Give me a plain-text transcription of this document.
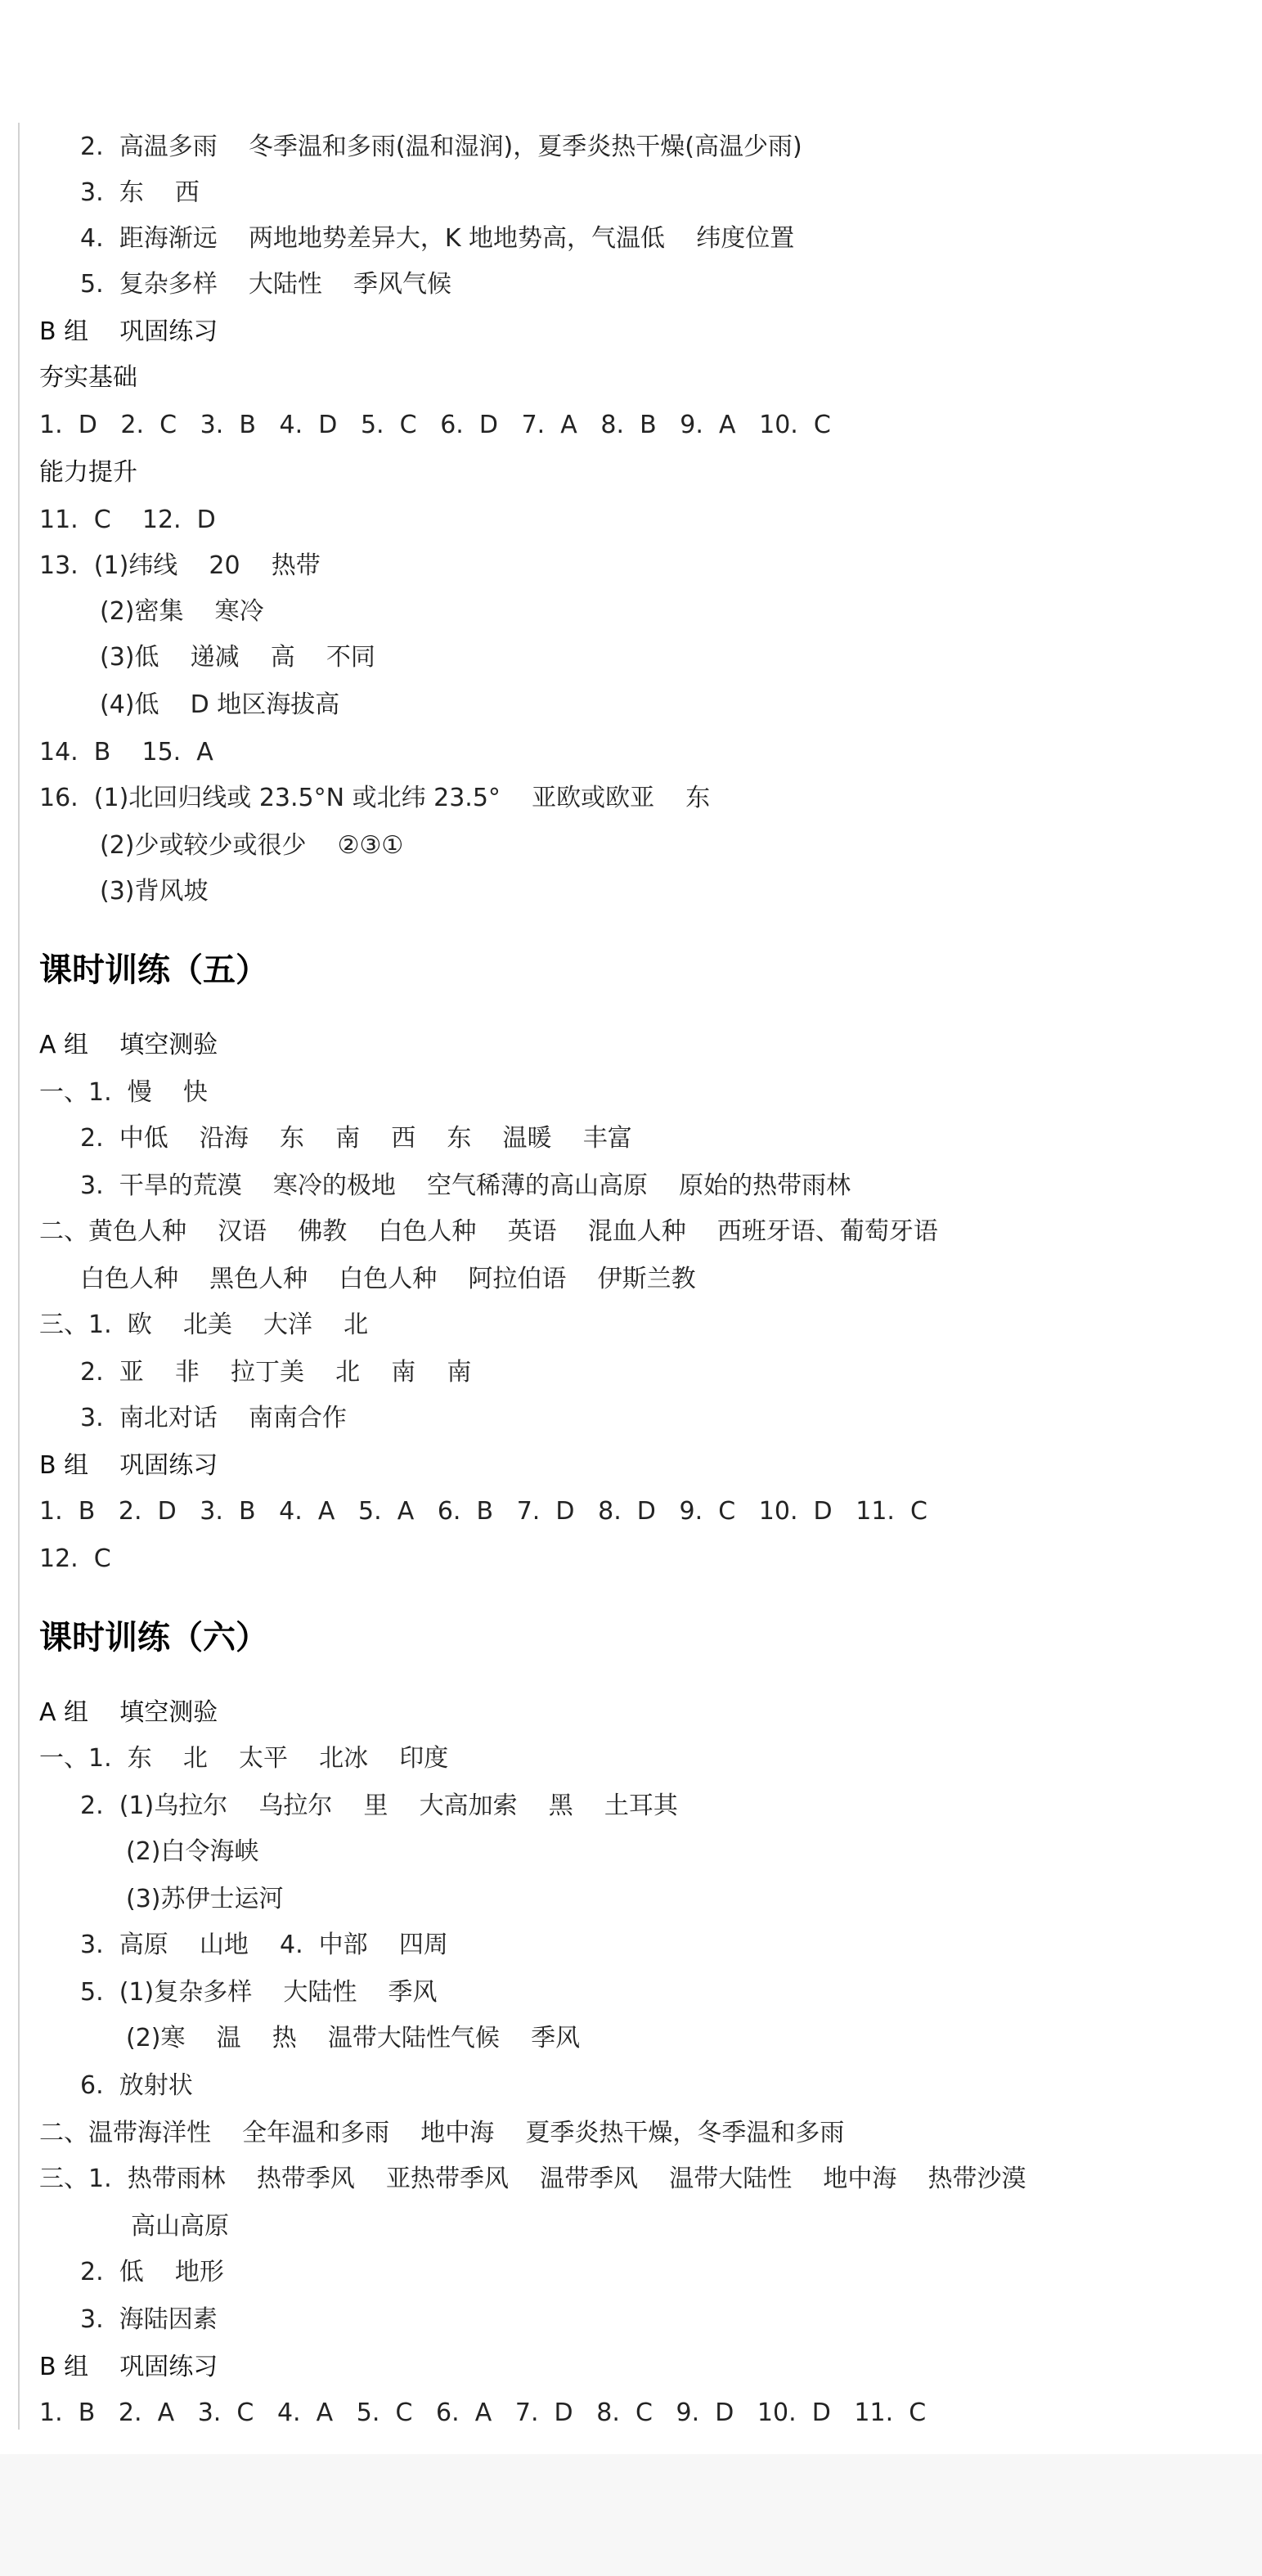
2.  高温多雨    冬季温和多雨(温和湿润)，夏季炎热干燥(高温少雨)
3.  东    西
4.  距海渐远    两地地势差异大，K 地地势高，气温低    纬度位置
5.  复杂多样    大陆性    季风气候
B 组    巩固练习
夯实基础
1.  D   2.  C   3.  B   4.  D   5.  C   6.  D   7.  A   8.  B   9.  A   10.  C
能力提升
11.  C    12.  D
13.  (1)纬线    20    热带
(2)密集    寒冷
(3)低    递减    高    不同
(4)低    D 地区海拔高
14.  B    15.  A
16.  (1)北回归线或 23.5°N 或北纬 23.5°    亚欧或欧亚    东
(2)少或较少或很少    ②③①
(3)背风坡
课时训练（五）
A 组    填空测验
一、1.  慢    快
2.  中低    沿海    东    南    西    东    温暖    丰富
3.  干旱的荒漠    寒冷的极地    空气稀薄的高山高原    原始的热带雨林
二、黄色人种    汉语    佛教    白色人种    英语    混血人种    西班牙语、葡萄牙语
白色人种    黑色人种    白色人种    阿拉伯语    伊斯兰教
三、1.  欧    北美    大洋    北
2.  亚    非    拉丁美    北    南    南
3.  南北对话    南南合作
B 组    巩固练习
1.  B   2.  D   3.  B   4.  A   5.  A   6.  B   7.  D   8.  D   9.  C   10.  D   11.  C
12.  C
课时训练（六）
A 组    填空测验
一、1.  东    北    太平    北冰    印度
2.  (1)乌拉尔    乌拉尔    里    大高加索    黑    土耳其
(2)白令海峡
(3)苏伊士运河
3.  高原    山地    4.  中部    四周
5.  (1)复杂多样    大陆性    季风
(2)寒    温    热    温带大陆性气候    季风
6.  放射状
二、温带海洋性    全年温和多雨    地中海    夏季炎热干燥，冬季温和多雨
三、1.  热带雨林    热带季风    亚热带季风    温带季风    温带大陆性    地中海    热带沙漠
高山高原
2.  低    地形
3.  海陆因素
B 组    巩固练习
1.  B   2.  A   3.  C   4.  A   5.  C   6.  A   7.  D   8.  C   9.  D   10.  D   11.  C
